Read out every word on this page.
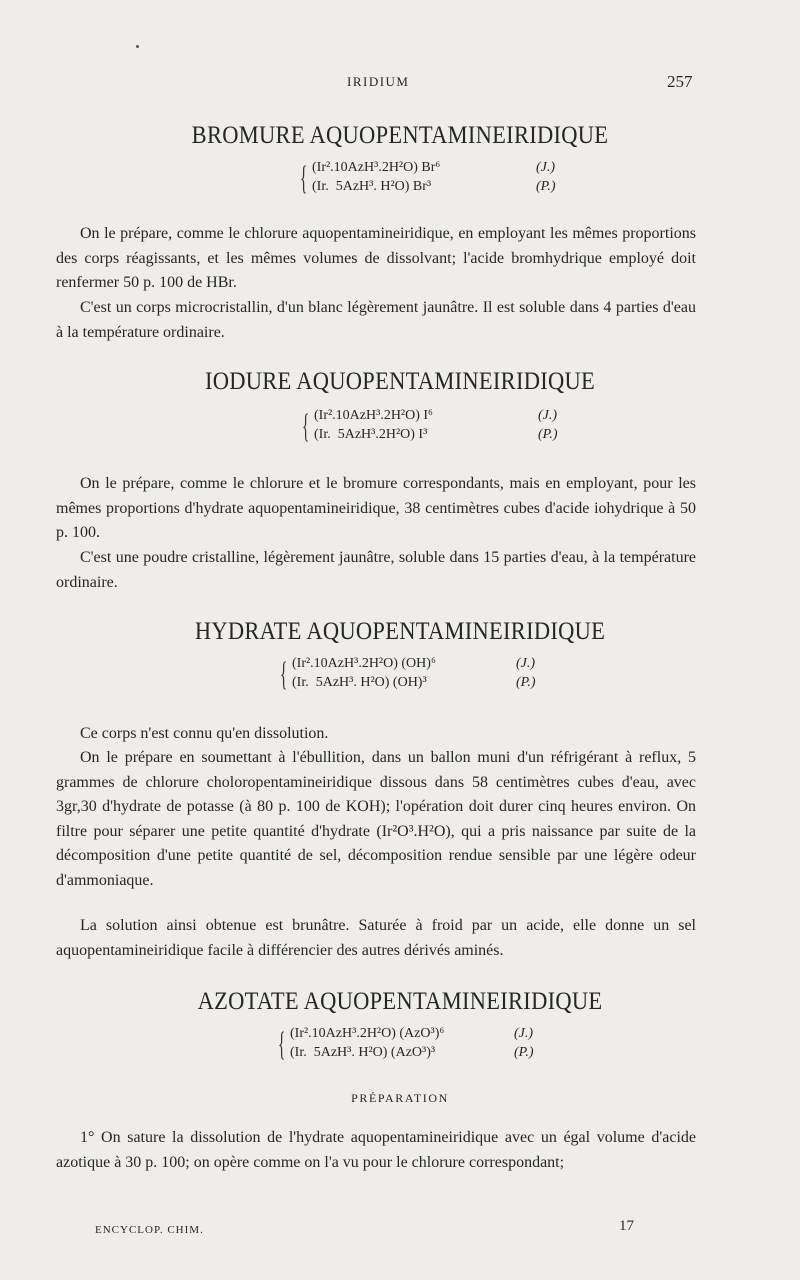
IRIDIUM	257
BROMURE AQUOPENTAMINEIRIDIQUE
{ (Ir².10AzH³.2H²O) Br⁶	(J.)
(Ir.  5AzH³. H²O) Br³	(P.)

On le prépare, comme le chlorure aquopentamineiridique, en employant les mêmes proportions des corps réagissants, et les mêmes volumes de dissolvant; l'acide bromhydrique employé doit renfermer 50 p. 100 de HBr.

C'est un corps microcristallin, d'un blanc légèrement jaunâtre. Il est soluble dans 4 parties d'eau à la température ordinaire.

IODURE AQUOPENTAMINEIRIDIQUE
{ (Ir².10AzH³.2H²O) I⁶	(J.)
(Ir.  5AzH³.2H²O) I³	(P.)

On le prépare, comme le chlorure et le bromure correspondants, mais en employant, pour les mêmes proportions d'hydrate aquopentamineiridique, 38 centimètres cubes d'acide iohydrique à 50 p. 100.

C'est une poudre cristalline, légèrement jaunâtre, soluble dans 15 parties d'eau, à la température ordinaire.

HYDRATE AQUOPENTAMINEIRIDIQUE
{ (Ir².10AzH³.2H²O) (OH)⁶	(J.)
(Ir.  5AzH³. H²O) (OH)³	(P.)

Ce corps n'est connu qu'en dissolution.

On le prépare en soumettant à l'ébullition, dans un ballon muni d'un réfrigérant à reflux, 5 grammes de chlorure choloropentamineiridique dissous dans 58 centimètres cubes d'eau, avec 3gr,30 d'hydrate de potasse (à 80 p. 100 de KOH); l'opération doit durer cinq heures environ. On filtre pour séparer une petite quantité d'hydrate (Ir²O³.H²O), qui a pris naissance par suite de la décomposition d'une petite quantité de sel, décomposition rendue sensible par une légère odeur d'ammoniaque.

La solution ainsi obtenue est brunâtre. Saturée à froid par un acide, elle donne un sel aquopentamineiridique facile à différencier des autres dérivés aminés.

AZOTATE AQUOPENTAMINEIRIDIQUE
{ (Ir².10AzH³.2H²O) (AzO³)⁶	(J.)
(Ir.  5AzH³. H²O) (AzO³)³	(P.)
PRÉPARATION

1° On sature la dissolution de l'hydrate aquopentamineiridique avec un égal volume d'acide azotique à 30 p. 100; on opère comme on l'a vu pour le chlorure correspondant;

ENCYCLOP. CHIM.	17
